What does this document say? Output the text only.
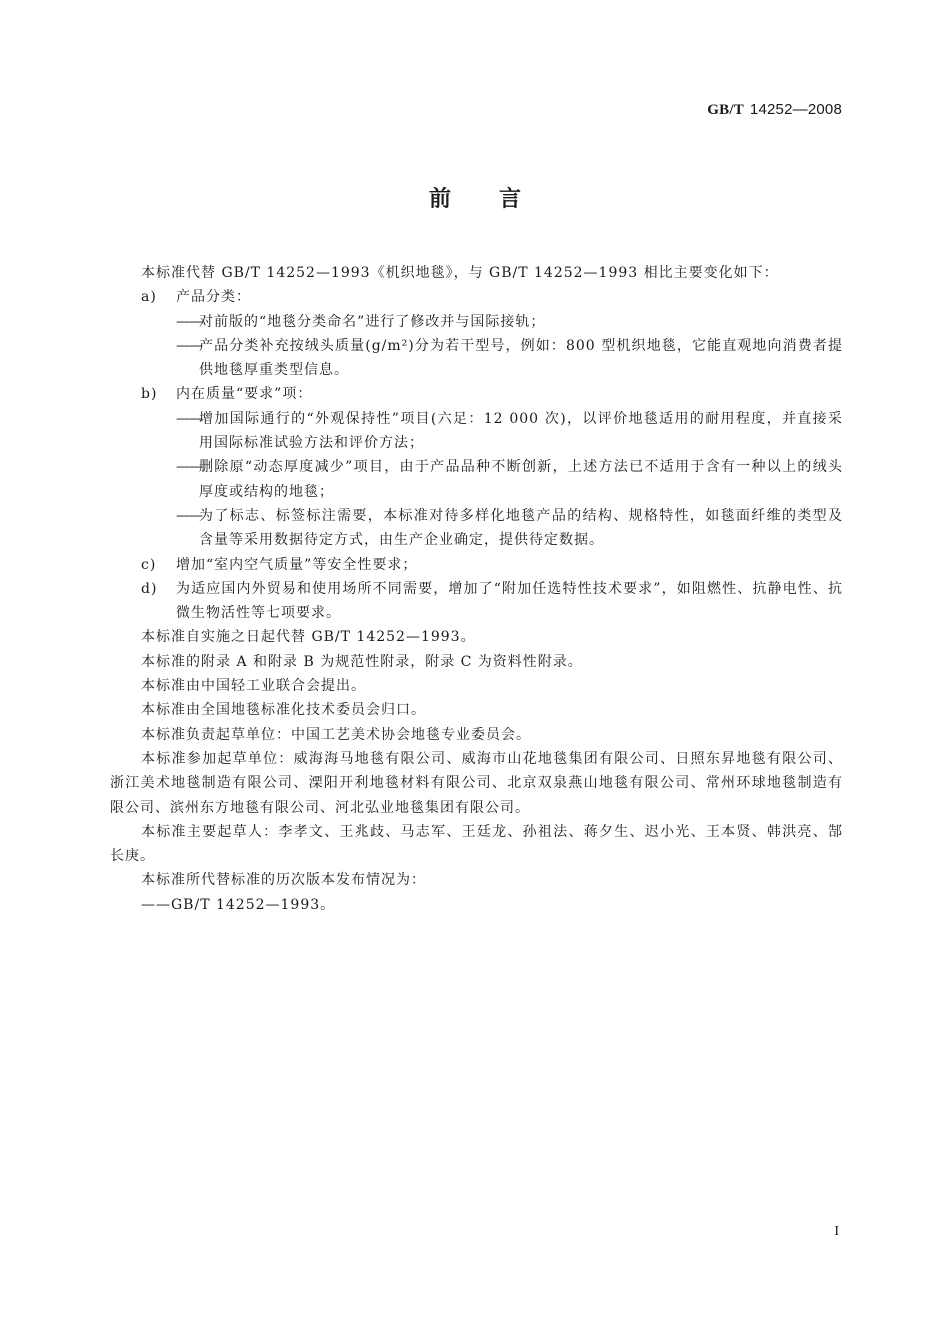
GB/T 14252—2008
前 言

本标准代替 GB/T 14252—1993《机织地毯》，与 GB/T 14252—1993 相比主要变化如下：

a) 产品分类：

——
对前版的“地毯分类命名”进行了修改并与国际接轨；

——
产品分类补充按绒头质量(g/m²)分为若干型号，例如：800 型机织地毯，它能直观地向消费者提供地毯厚重类型信息。

b) 内在质量“要求”项：

——
增加国际通行的“外观保持性”项目(六足：12 000 次)，以评价地毯适用的耐用程度，并直接采用国际标准试验方法和评价方法；

——
删除原“动态厚度减少”项目，由于产品品种不断创新，上述方法已不适用于含有一种以上的绒头厚度或结构的地毯；

——
为了标志、标签标注需要，本标准对待多样化地毯产品的结构、规格特性，如毯面纤维的类型及含量等采用数据待定方式，由生产企业确定，提供待定数据。

c) 增加“室内空气质量”等安全性要求；

d) 为适应国内外贸易和使用场所不同需要，增加了“附加任选特性技术要求”，如阻燃性、抗静电性、抗微生物活性等七项要求。

本标准自实施之日起代替 GB/T 14252—1993。

本标准的附录 A 和附录 B 为规范性附录，附录 C 为资料性附录。

本标准由中国轻工业联合会提出。

本标准由全国地毯标准化技术委员会归口。

本标准负责起草单位：中国工艺美术协会地毯专业委员会。

本标准参加起草单位：威海海马地毯有限公司、威海市山花地毯集团有限公司、日照东昇地毯有限公司、浙江美术地毯制造有限公司、溧阳开利地毯材料有限公司、北京双泉燕山地毯有限公司、常州环球地毯制造有限公司、滨州东方地毯有限公司、河北弘业地毯集团有限公司。

本标准主要起草人：李孝文、王兆歧、马志军、王廷龙、孙祖法、蒋夕生、迟小光、王本贤、韩洪亮、郜长庚。

本标准所代替标准的历次版本发布情况为：

——GB/T 14252—1993。

I
